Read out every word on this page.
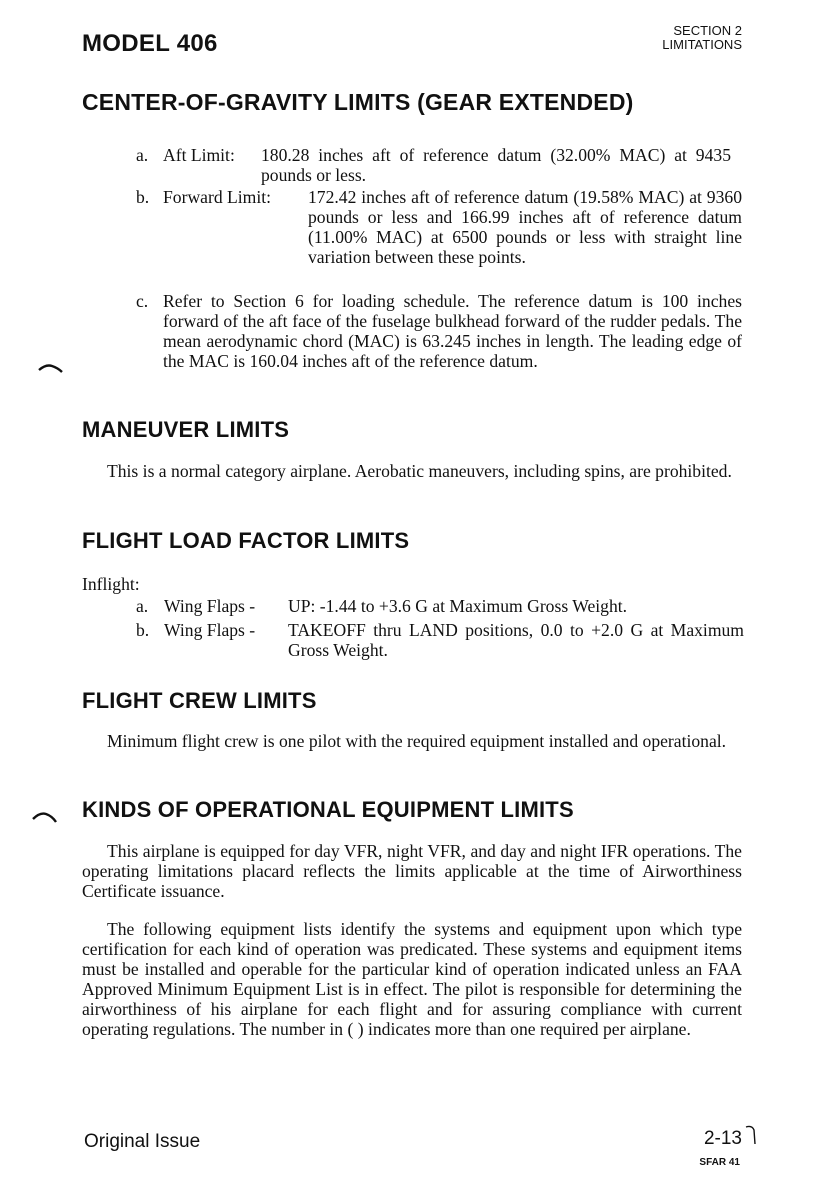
MODEL 406	SECTION 2
LIMITATIONS
CENTER-OF-GRAVITY LIMITS (GEAR EXTENDED)
a. Aft Limit: 180.28 inches aft of reference datum (32.00% MAC) at 9435 pounds or less.
b. Forward Limit: 172.42 inches aft of reference datum (19.58% MAC) at 9360 pounds or less and 166.99 inches aft of reference datum (11.00% MAC) at 6500 pounds or less with straight line variation between these points.
c. Refer to Section 6 for loading schedule. The reference datum is 100 inches forward of the aft face of the fuselage bulkhead forward of the rudder pedals. The mean aerodynamic chord (MAC) is 63.245 inches in length. The leading edge of the MAC is 160.04 inches aft of the reference datum.
MANEUVER LIMITS
This is a normal category airplane. Aerobatic maneuvers, including spins, are prohibited.
FLIGHT LOAD FACTOR LIMITS
Inflight:
a. Wing Flaps - UP: -1.44 to +3.6 G at Maximum Gross Weight.
b. Wing Flaps - TAKEOFF thru LAND positions, 0.0 to +2.0 G at Maximum Gross Weight.
FLIGHT CREW LIMITS
Minimum flight crew is one pilot with the required equipment installed and operational.
KINDS OF OPERATIONAL EQUIPMENT LIMITS
This airplane is equipped for day VFR, night VFR, and day and night IFR operations. The operating limitations placard reflects the limits applicable at the time of Airworthiness Certificate issuance.
The following equipment lists identify the systems and equipment upon which type certification for each kind of operation was predicated. These systems and equipment items must be installed and operable for the particular kind of operation indicated unless an FAA Approved Minimum Equipment List is in effect. The pilot is responsible for determining the airworthiness of his airplane for each flight and for assuring compliance with current operating regulations. The number in ( ) indicates more than one required per airplane.
Original Issue	2-13
SFAR 41
